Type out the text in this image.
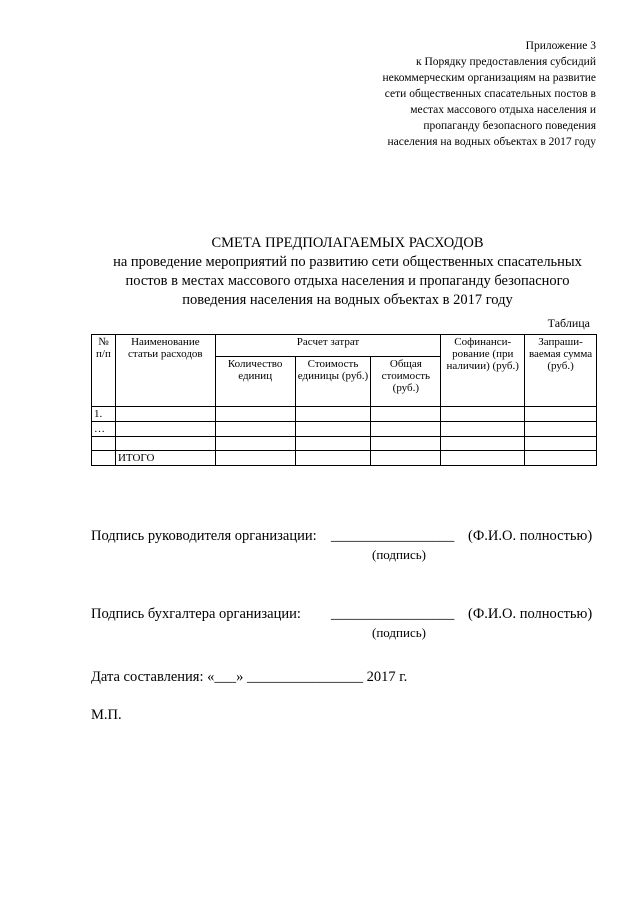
Приложение 3
к Порядку предоставления субсидий
некоммерческим организациям на развитие
сети общественных спасательных постов в
местах массового отдыха населения и
пропаганду безопасного поведения
населения на водных объектах в 2017 году
СМЕТА ПРЕДПОЛАГАЕМЫХ РАСХОДОВ
на проведение мероприятий по развитию сети общественных спасательных
постов в местах массового отдыха населения и пропаганду безопасного
поведения населения на водных объектах в 2017 году
Таблица
№ п/п	Наименование статьи расходов	Расчет затрат			Софинанси-рование (при наличии) (руб.)	Запраши-ваемая сумма (руб.)
		Количество единиц	Стоимость единицы (руб.)	Общая стоимость (руб.)		
1.						
…						

	ИТОГО					
Подпись руководителя организации: _________________ (Ф.И.О. полностью)
(подпись)
Подпись бухгалтера организации: _________________ (Ф.И.О. полностью)
(подпись)
Дата составления: «___» ________________ 2017 г.
М.П.
